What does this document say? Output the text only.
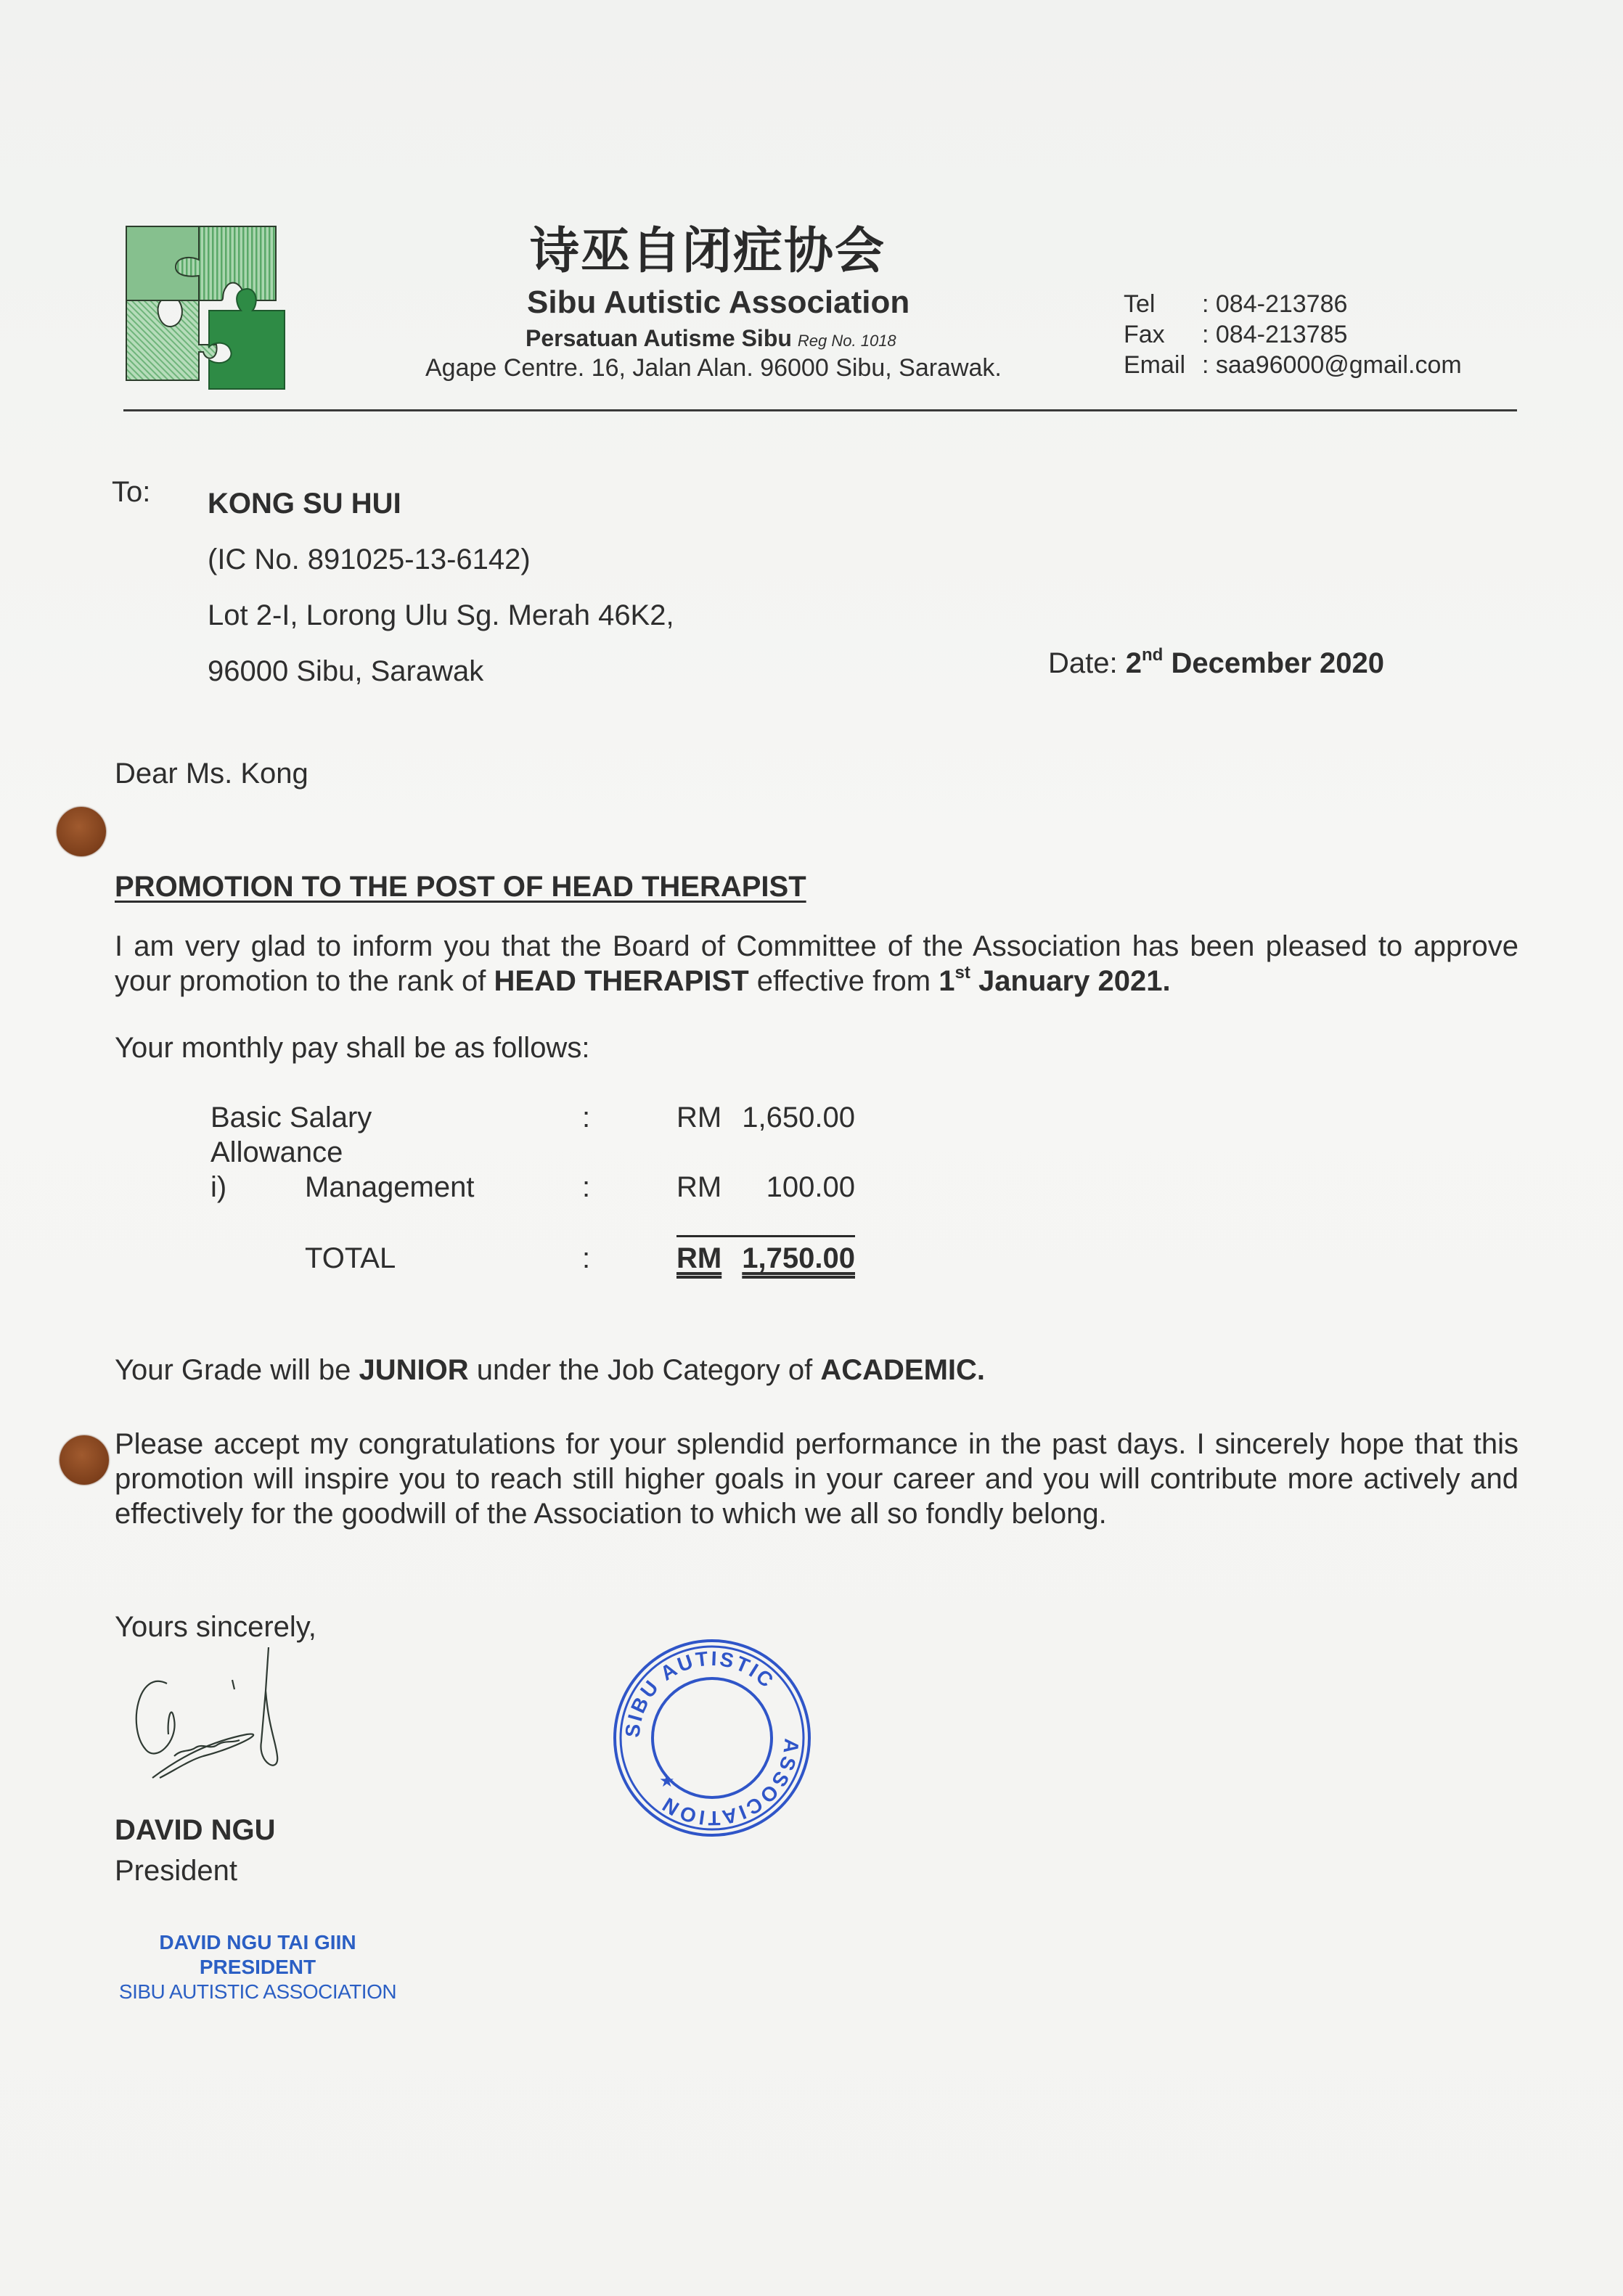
诗巫自闭症协会
Sibu Autistic Association
Persatuan Autisme Sibu Reg No. 1018
Agape Centre. 16, Jalan Alan. 96000 Sibu, Sarawak.
Tel	: 084-213786
Fax	: 084-213785
Email : saa96000@gmail.com
To: KONG SU HUI
(IC No. 891025-13-6142)
Lot 2-I, Lorong Ulu Sg. Merah 46K2,
96000 Sibu, Sarawak	Date: 2nd December 2020
Dear Ms. Kong
PROMOTION TO THE POST OF HEAD THERAPIST
I am very glad to inform you that the Board of Committee of the Association has been pleased to approve your promotion to the rank of HEAD THERAPIST effective from 1st January 2021.
Your monthly pay shall be as follows:
Basic Salary	:	RM 1,650.00
Allowance
i)	Management	:	RM 100.00
TOTAL	:	RM 1,750.00
Your Grade will be JUNIOR under the Job Category of ACADEMIC.
Please accept my congratulations for your splendid performance in the past days. I sincerely hope that this promotion will inspire you to reach still higher goals in your career and you will contribute more actively and effectively for the goodwill of the Association to which we all so fondly belong.
Yours sincerely,
DAVID NGU
President
DAVID NGU TAI GIIN
PRESIDENT
SIBU AUTISTIC ASSOCIATION
SIBU AUTISTIC
ASSOCIATION
★
